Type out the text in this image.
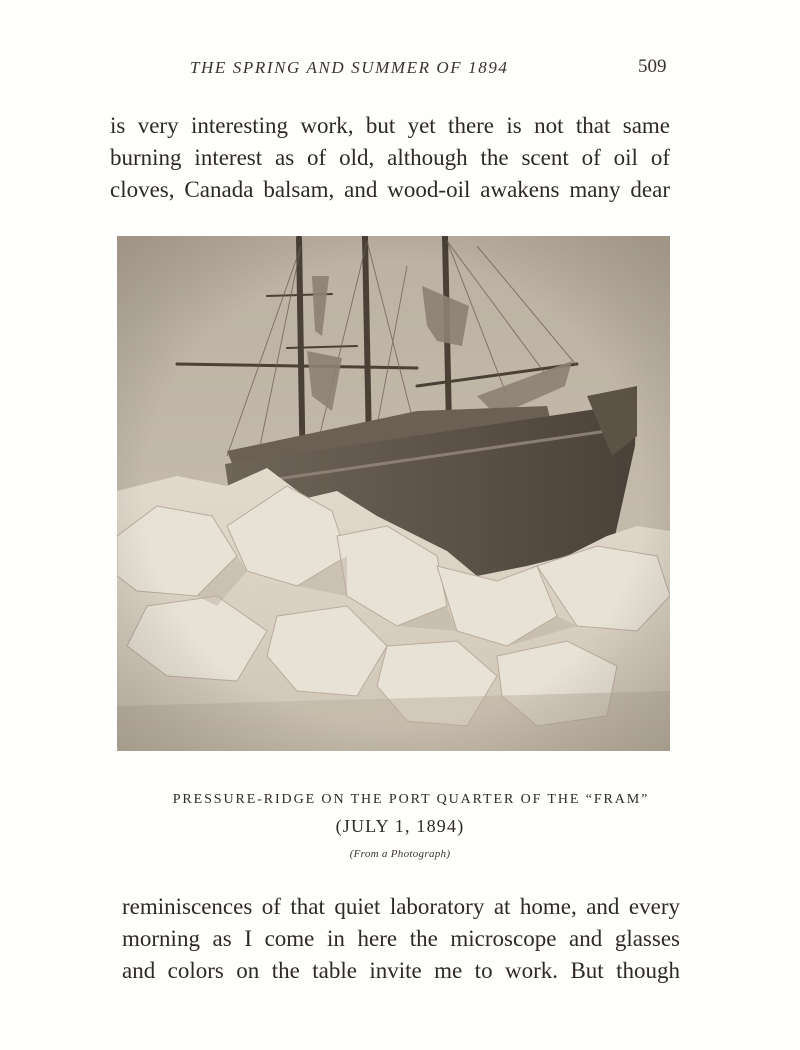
THE SPRING AND SUMMER OF 1894	509
is very interesting work, but yet there is not that same
burning interest as of old, although the scent of oil of
cloves, Canada balsam, and wood-oil awakens many dear
PRESSURE-RIDGE ON THE PORT QUARTER OF THE “FRAM”
(JULY 1, 1894)
(From a Photograph)
reminiscences of that quiet laboratory at home, and every
morning as I come in here the microscope and glasses
and colors on the table invite me to work. But though
